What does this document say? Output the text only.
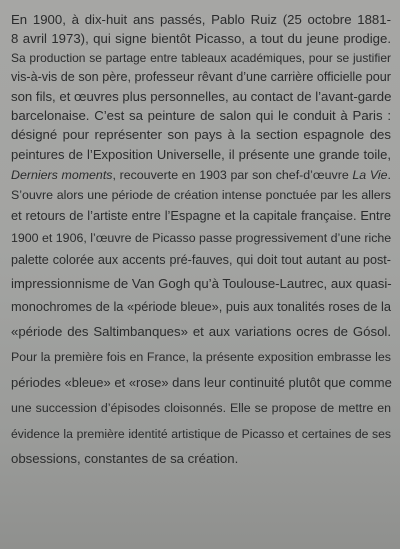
En 1900, à dix-huit ans passés, Pablo Ruiz (25 octobre 1881-
8 avril 1973), qui signe bientôt Picasso, a tout du jeune prodige.
Sa production se partage entre tableaux académiques, pour se justifier
vis-à-vis de son père, professeur rêvant d’une carrière officielle pour
son fils, et œuvres plus personnelles, au contact de l’avant-garde
barcelonaise. C’est sa peinture de salon qui le conduit à Paris :
désigné pour représenter son pays à la section espagnole des
peintures de l’Exposition Universelle, il présente une grande toile,
Derniers moments, recouverte en 1903 par son chef-d’œuvre La Vie.
S’ouvre alors une période de création intense ponctuée par les allers
et retours de l’artiste entre l’Espagne et la capitale française. Entre
1900 et 1906, l’œuvre de Picasso passe progressivement d’une riche
palette colorée aux accents pré-fauves, qui doit tout autant au post-
impressionnisme de Van Gogh qu’à Toulouse-Lautrec, aux quasi-
monochromes de la «période bleue», puis aux tonalités roses de la
«période des Saltimbanques» et aux variations ocres de Gósol.
Pour la première fois en France, la présente exposition embrasse les
périodes «bleue» et «rose» dans leur continuité plutôt que comme
une succession d’épisodes cloisonnés. Elle se propose de mettre en
évidence la première identité artistique de Picasso et certaines de ses
obsessions, constantes de sa création.
